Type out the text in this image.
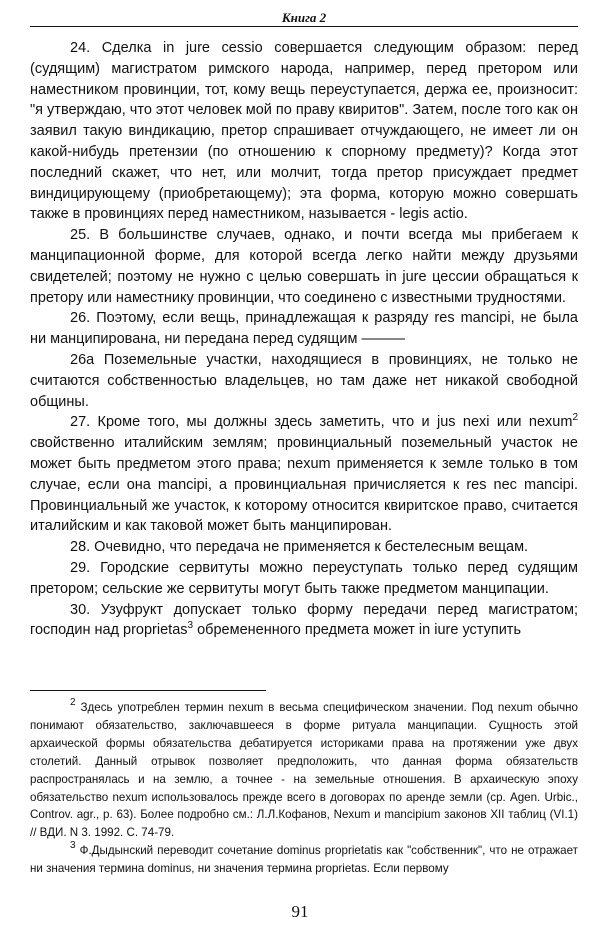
Книга 2

24. Сделка in jure cessio совершается следующим образом: перед (судящим) магистратом римского народа, например, перед претором или наместником провинции, тот, кому вещь переуступается, держа ее, произносит: "я утверждаю, что этот человек мой по праву квиритов". Затем, после того как он заявил такую виндикацию, претор спрашивает отчуждающего, не имеет ли он какой-нибудь претензии (по отношению к спорному предмету)? Когда этот последний скажет, что нет, или молчит, тогда претор присуждает предмет виндицирующему (приобретающему); эта форма, которую можно совершать также в провинциях перед наместником, называется - legis actio.

25. В большинстве случаев, однако, и почти всегда мы прибегаем к манципационной форме, для которой всегда легко найти между друзьями свидетелей; поэтому не нужно с целью совершать in jure цессии обращаться к претору или наместнику провинции, что соединено с известными трудностями.

26. Поэтому, если вещь, принадлежащая к разряду res mancipi, не была ни манципирована, ни передана перед судящим ———

26а Поземельные участки, находящиеся в провинциях, не только не считаются собственностью владельцев, но там даже нет никакой свободной общины.

27. Кроме того, мы должны здесь заметить, что и jus nexi или nexum$^2$ свойственно италийским землям; провинциальный поземельный участок не может быть предметом этого права; nexum применяется к земле только в том случае, если она mancipi, а провинциальная причисляется к res nec mancipi. Провинциальный же участок, к которому относится квиритское право, считается италийским и как таковой может быть манципирован.

28. Очевидно, что передача не применяется к бестелесным вещам.

29. Городские сервитуты можно переуступать только перед судящим претором; сельские же сервитуты могут быть также предметом манципации.

30. Узуфрукт допускает только форму передачи перед магистратом; господин над proprietas$^3$ обремененного предмета может in iure уступить

$^2$ Здесь употреблен термин nexum в весьма специфическом значении. Под nexum обычно понимают обязательство, заключавшееся в форме ритуала манципации. Сущность этой архаической формы обязательства дебатируется историками права на протяжении уже двух столетий. Данный отрывок позволяет предположить, что данная форма обязательств распространялась и на землю, а точнее - на земельные отношения. В архаическую эпоху обязательство nexum использовалось прежде всего в договорах по аренде земли (ср. Agen. Urbic., Controv. agr., p. 63). Более подробно см.: Л.Л.Кофанов, Nexum и mancipium законов XII таблиц (VI.1) // ВДИ. N 3. 1992. С. 74-79.

$^3$ Ф.Дыдынский переводит сочетание dominus proprietatis как "собственник", что не отражает ни значения термина dominus, ни значения термина proprietas. Если первому

91
